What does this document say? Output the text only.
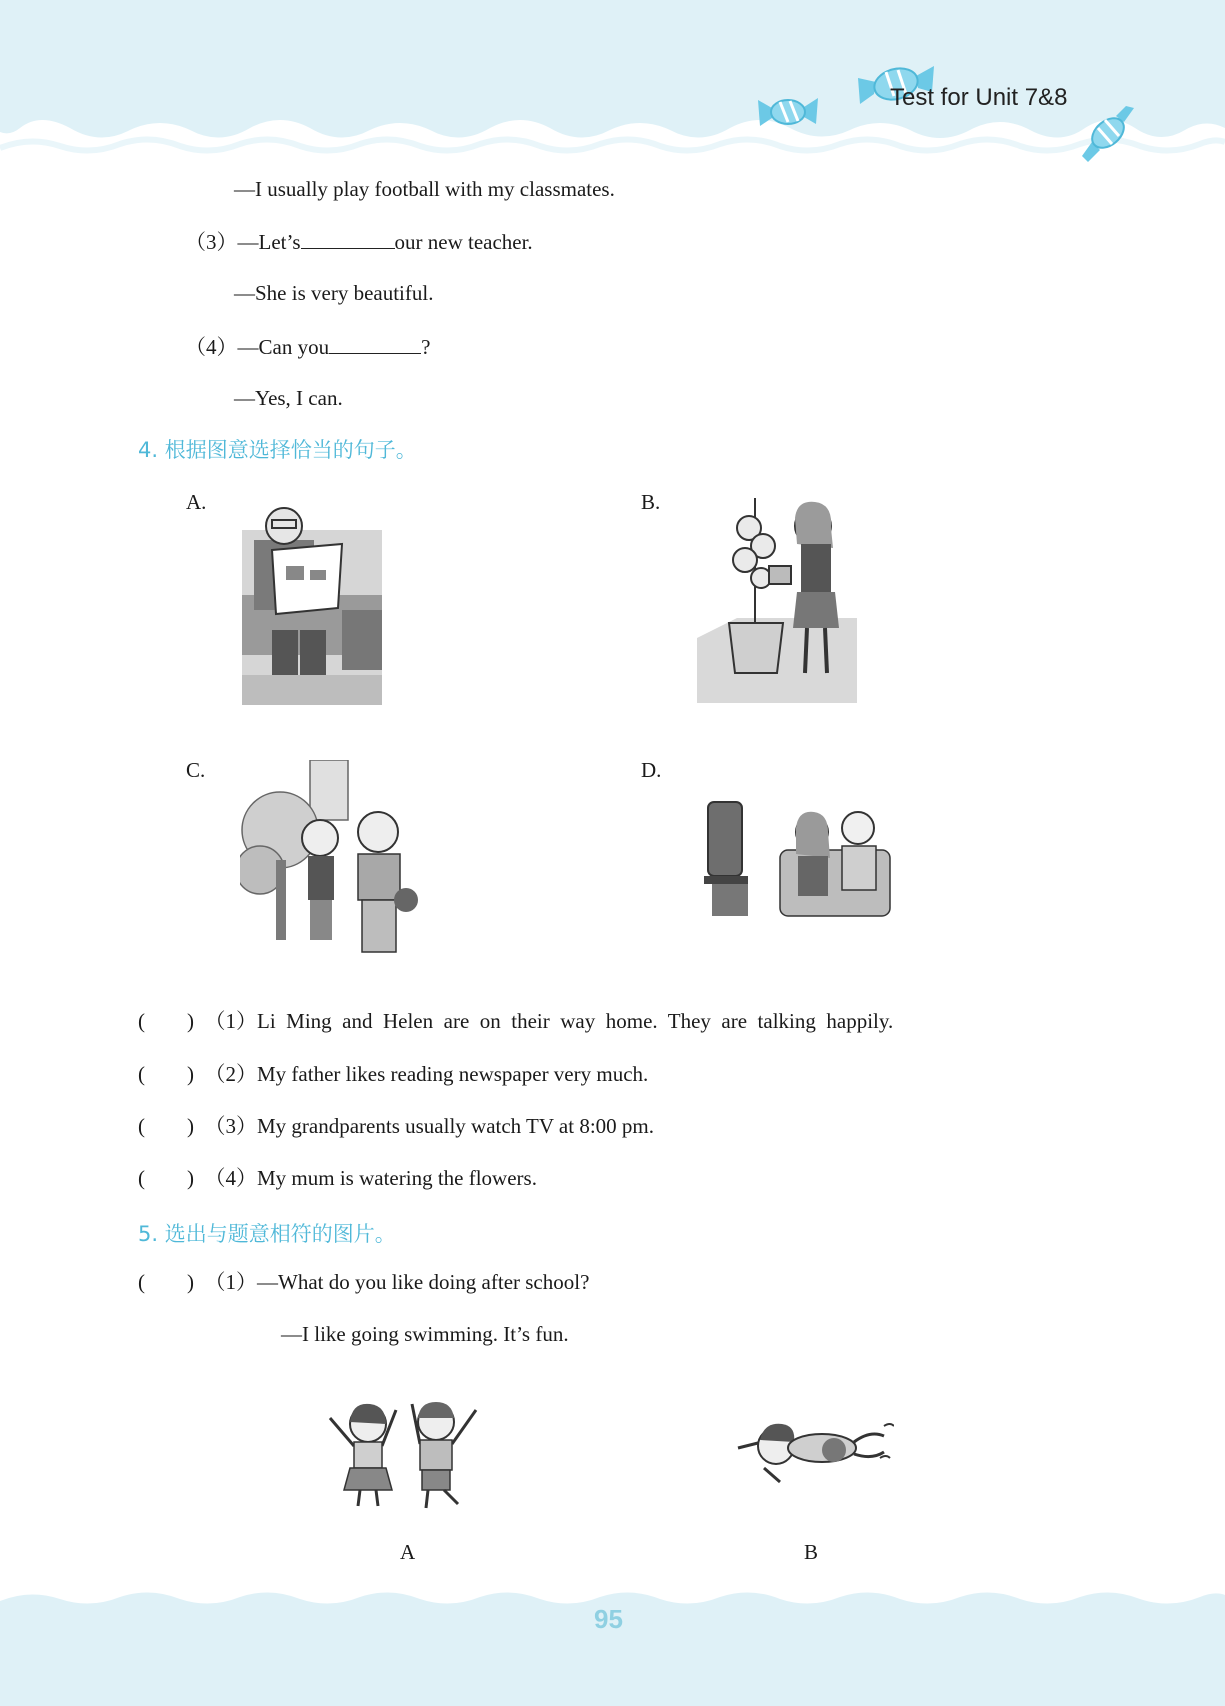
Test for Unit 7&8
—I usually play football with my classmates.
（3）—Let’s	our new teacher.
—She is very beautiful.
（4）—Can you	?
—Yes, I can.
4. 根据图意选择恰当的句子。
A.	B.
C.	D.
(　　) （1）Li  Ming  and  Helen  are  on  their  way  home.  They  are  talking  happily.
(　　) （2）My father likes reading newspaper very much.
(　　) （3）My grandparents usually watch TV at 8:00 pm.
(　　) （4）My mum is watering the flowers.
5. 选出与题意相符的图片。
(　　) （1）—What do you like doing after school?
—I like going swimming. It’s fun.
A	B
95
